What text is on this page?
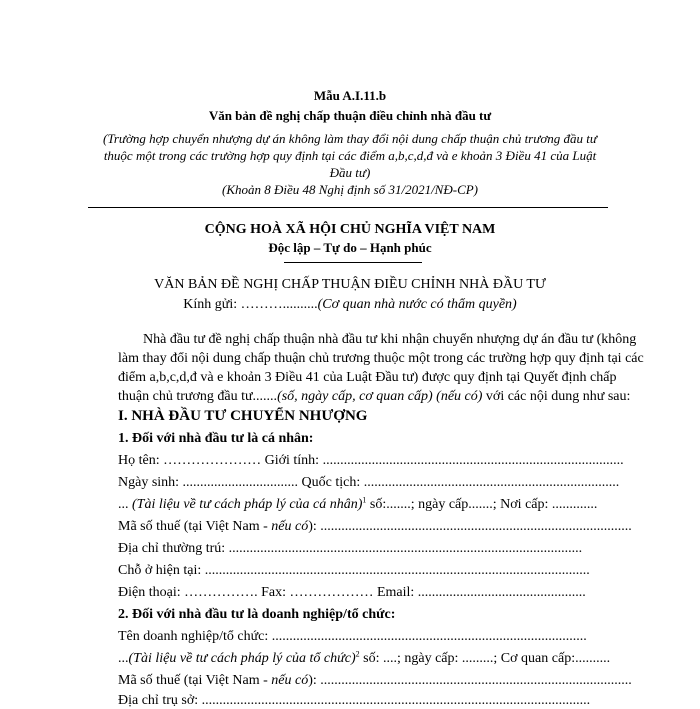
Mẫu A.I.11.b
Văn bản đề nghị chấp thuận điều chỉnh nhà đầu tư
(Trường hợp chuyển nhượng dự án không làm thay đổi nội dung chấp thuận chủ trương đầu tư
thuộc một trong các trường hợp quy định tại các điểm a,b,c,d,đ và e khoản 3 Điều 41 của Luật
Đầu tư)
(Khoản 8 Điều 48 Nghị định số 31/2021/NĐ-CP)
CỘNG HOÀ XÃ HỘI CHỦ NGHĨA VIỆT NAM
Độc lập – Tự do – Hạnh phúc
VĂN BẢN ĐỀ NGHỊ CHẤP THUẬN ĐIỀU CHỈNH NHÀ ĐẦU TƯ
Kính gửi: ………..........(Cơ quan nhà nước có thẩm quyền)
Nhà đầu tư đề nghị chấp thuận nhà đầu tư khi nhận chuyển nhượng dự án đầu tư (không
làm thay đổi nội dung chấp thuận chủ trương thuộc một trong các trường hợp quy định tại các
điểm a,b,c,d,đ và e khoản 3 Điều 41 của Luật Đầu tư) được quy định tại Quyết định chấp
thuận chủ trương đầu tư.......(số, ngày cấp, cơ quan cấp) (nếu có) với các nội dung như sau:
I. NHÀ ĐẦU TƯ CHUYỂN NHƯỢNG
1. Đối với nhà đầu tư là cá nhân:
Họ tên: ………………… Giới tính: ......................................................................................
Ngày sinh: ................................. Quốc tịch: .........................................................................
... (Tài liệu về tư cách pháp lý của cá nhân)$^1$ số:.......; ngày cấp.......; Nơi cấp: .............
Mã số thuế (tại Việt Nam - nếu có): .........................................................................................
Địa chỉ thường trú: .....................................................................................................
Chỗ ở hiện tại: ..............................................................................................................
Điện thoại: ……………. Fax: ……………… Email: ................................................
2. Đối với nhà đầu tư là doanh nghiệp/tổ chức:
Tên doanh nghiệp/tổ chức: ..........................................................................................
...(Tài liệu về tư cách pháp lý của tổ chức)$^2$ số: ....; ngày cấp: .........; Cơ quan cấp:..........
Mã số thuế (tại Việt Nam - nếu có): .........................................................................................
Địa chỉ trụ sở: ...............................................................................................................
